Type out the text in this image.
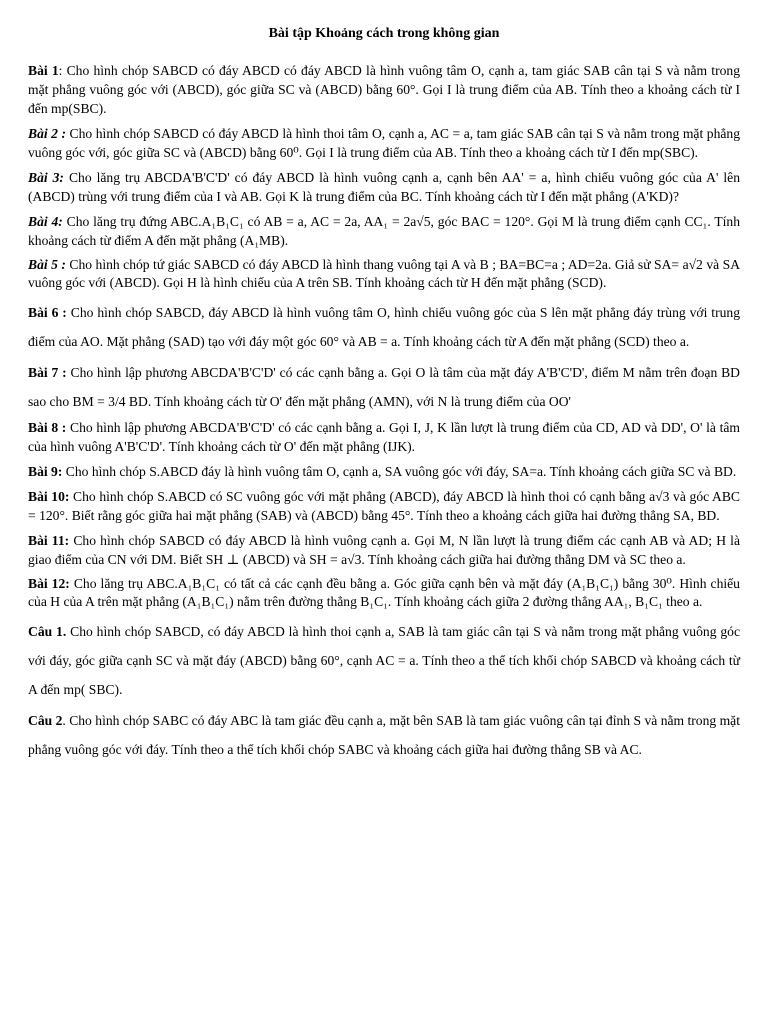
Bài tập Khoảng cách trong không gian

Bài 1: Cho hình chóp SABCD có đáy ABCD có đáy ABCD là hình vuông tâm O, cạnh a, tam giác SAB cân tại S và nằm trong mặt phẳng vuông góc với (ABCD), góc giữa SC và (ABCD) bằng 60°. Gọi I là trung điểm của AB. Tính theo a khoảng cách từ I đến mp(SBC).

Bài 2 : Cho hình chóp SABCD có đáy ABCD là hình thoi tâm O, cạnh a, AC = a, tam giác SAB cân tại S và nằm trong mặt phẳng vuông góc với, góc giữa SC và (ABCD) bằng 60⁰. Gọi I là trung điểm của AB. Tính theo a khoảng cách từ I đến mp(SBC).

Bài 3: Cho lăng trụ ABCDA'B'C'D' có đáy ABCD là hình vuông cạnh a, cạnh bên AA' = a, hình chiếu vuông góc của A' lên (ABCD) trùng với trung điểm của I và AB. Gọi K là trung điểm của BC. Tính khoảng cách từ I đến mặt phẳng (A'KD)?

Bài 4: Cho lăng trụ đứng ABC.A₁B₁C₁ có AB = a, AC = 2a, AA₁ = 2a√5, góc BAC = 120°. Gọi M là trung điểm cạnh CC₁. Tính khoảng cách từ điểm A đến mặt phẳng (A₁MB).

Bài 5 : Cho hình chóp tứ giác SABCD có đáy ABCD là hình thang vuông tại A và B ; BA=BC=a ; AD=2a. Giả sử SA= a√2 và SA vuông góc với (ABCD). Gọi H là hình chiếu của A trên SB. Tính khoảng cách từ H đến mặt phẳng (SCD).

Bài 6 : Cho hình chóp SABCD, đáy ABCD là hình vuông tâm O, hình chiếu vuông góc của S lên mặt phẳng đáy trùng với trung điểm của AO. Mặt phẳng (SAD) tạo với đáy một góc 60° và AB = a. Tính khoảng cách từ A đến mặt phẳng (SCD) theo a.

Bài 7 : Cho hình lập phương ABCDA'B'C'D' có các cạnh bằng a. Gọi O là tâm của mặt đáy A'B'C'D', điểm M nằm trên đoạn BD sao cho BM = 3/4 BD. Tính khoảng cách từ O' đến mặt phẳng (AMN), với N là trung điểm của OO'

Bài 8 : Cho hình lập phương ABCDA'B'C'D' có các cạnh bằng a. Gọi I, J, K lần lượt là trung điểm của CD, AD và DD', O' là tâm của hình vuông A'B'C'D'. Tính khoảng cách từ O' đến mặt phẳng (IJK).

Bài 9: Cho hình chóp S.ABCD đáy là hình vuông tâm O, cạnh a, SA vuông góc với đáy, SA=a. Tính khoảng cách giữa SC và BD.

Bài 10: Cho hình chóp S.ABCD có SC vuông góc với mặt phẳng (ABCD), đáy ABCD là hình thoi có cạnh bằng a√3 và góc ABC = 120°. Biết rằng góc giữa hai mặt phẳng (SAB) và (ABCD) bằng 45°. Tính theo a khoảng cách giữa hai đường thẳng SA, BD.

Bài 11: Cho hình chóp SABCD có đáy ABCD là hình vuông cạnh a. Gọi M, N lần lượt là trung điểm các cạnh AB và AD; H là giao điểm của CN với DM. Biết SH ⊥ (ABCD) và SH = a√3. Tính khoảng cách giữa hai đường thẳng DM và SC theo a.

Bài 12: Cho lăng trụ ABC.A₁B₁C₁ có tất cả các cạnh đều bằng a. Góc giữa cạnh bên và mặt đáy (A₁B₁C₁) bằng 30⁰. Hình chiếu của H của A trên mặt phẳng (A₁B₁C₁) nằm trên đường thẳng B₁C₁. Tính khoảng cách giữa 2 đường thẳng AA₁, B₁C₁ theo a.

Câu 1. Cho hình chóp SABCD, có đáy ABCD là hình thoi cạnh a, SAB là tam giác cân tại S và nằm trong mặt phẳng vuông góc với đáy, góc giữa cạnh SC và mặt đáy (ABCD) bằng 60°, cạnh AC = a. Tính theo a thể tích khối chóp SABCD và khoảng cách từ A đến mp( SBC).

Câu 2. Cho hình chóp SABC có đáy ABC là tam giác đều cạnh a, mặt bên SAB là tam giác vuông cân tại đỉnh S và nằm trong mặt phẳng vuông góc với đáy. Tính theo a thể tích khối chóp SABC và khoảng cách giữa hai đường thẳng SB và AC.
